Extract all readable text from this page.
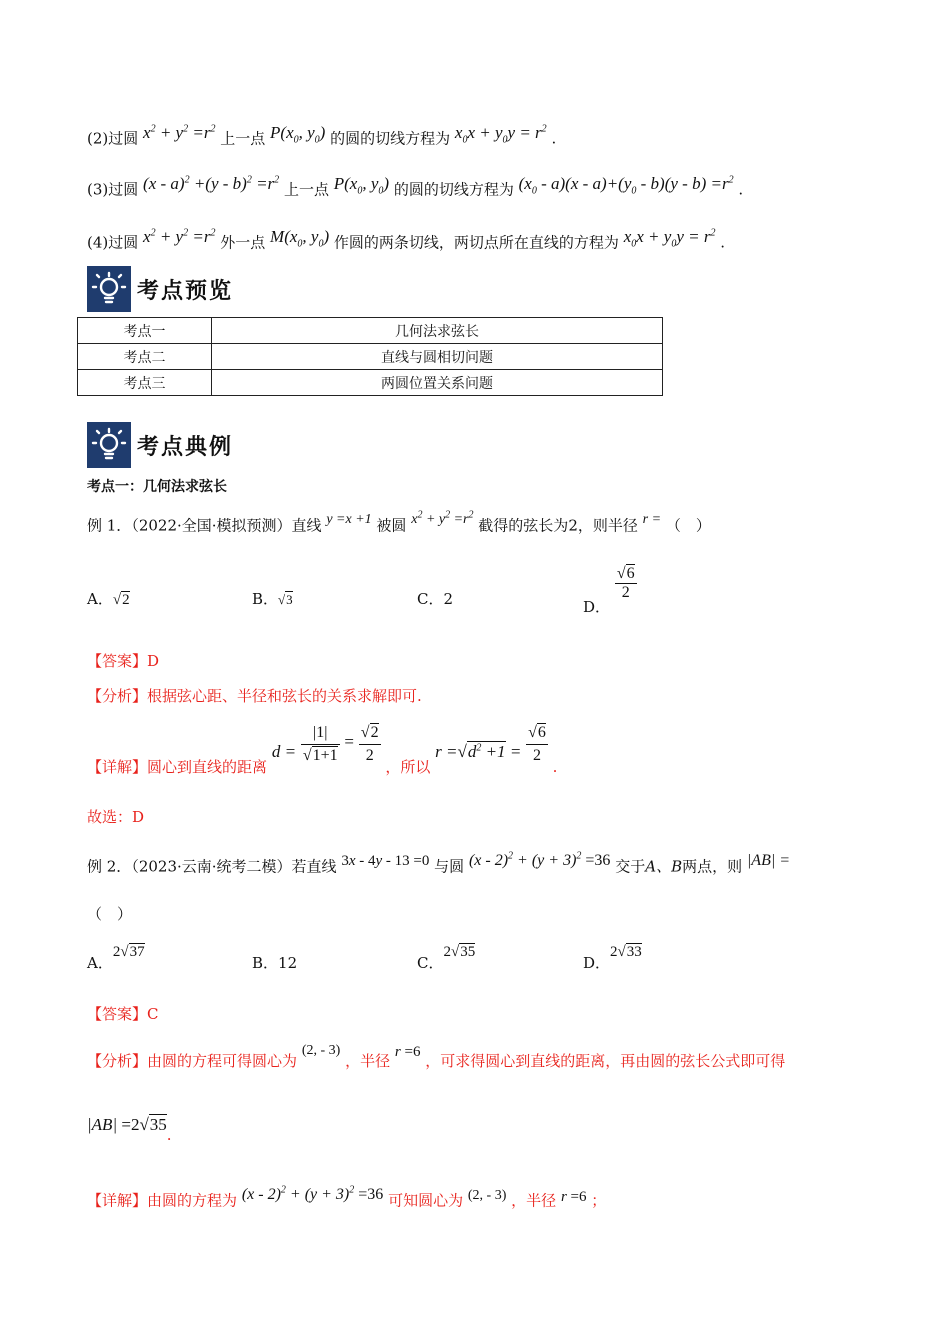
(2)过圆 $x^2 + y^2 =r^2$ 上一点 $P(x_0$, $y_0$) 的圆的切线方程为 $x_0x + y_0y = r^2$ .
(3)过圆 $(x - a)^2 +(y - b)^2 =r^2$ 上一点 $P(x_0$, $y_0$) 的圆的切线方程为 $(x_0 - a)(x - a)+(y_0 - b)(y - b) =r^2$ .
(4)过圆 $x^2 + y^2 =r^2$ 外一点 $M(x_0$, $y_0$) 作圆的两条切线，两切点所在直线的方程为 $x_0x + y_0y = r^2$ .
考点预览
考点一	几何法求弦长
考点二	直线与圆相切问题
考点三	两圆位置关系问题
考点典例
考点一：几何法求弦长
例 1．（2022·全国·模拟预测）直线 y =x +1 被圆 $x^2 + y^2 =r^2$ 截得的弦长为2，则半径 r = （　）
A．√2	B．√3	C．2	D．
$\frac{√6}{2}$
【答案】D
【分析】根据弦心距、半径和弦长的关系求解即可.
【详解】圆心到直线的距离 $d = \frac{|1|}{√1+1} = \frac{√2}{2}$ ，所以 $r =√d^2 +1 = \frac{√6}{2}$ .
故选：D
例 2．（2023·云南·统考二模）若直线 3x - 4y - 13 =0 与圆 $(x - 2)^2 + (y + 3)^2 =36$ 交于A、B两点，则 |AB| =
（　）
A．2√37
B．12	C．2√35
D．2√33
【答案】C
【分析】由圆的方程可得圆心为 (2, - 3) ，半径 r =6 ，可求得圆心到直线的距离，再由圆的弦长公式即可得
|AB| =2√35.
【详解】由圆的方程为 $(x - 2)^2 + (y + 3)^2 =36$ 可知圆心为 (2, - 3) ，半径 r =6 ；
